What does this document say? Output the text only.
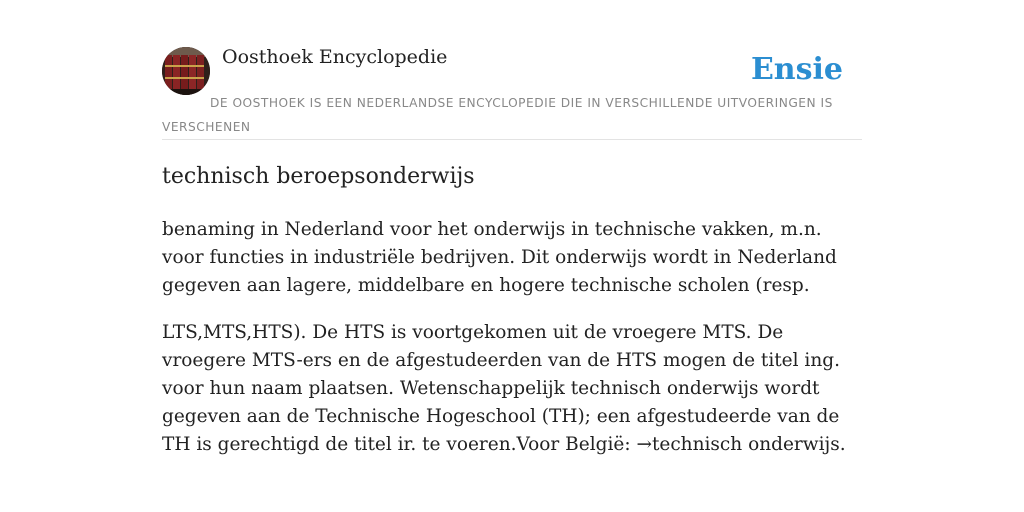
Oosthoek Encyclopedie	Ensie
DE OOSTHOEK IS EEN NEDERLANDSE ENCYCLOPEDIE DIE IN VERSCHILLENDE UITVOERINGEN IS VERSCHENEN
technisch beroepsonderwijs

benaming in Nederland voor het onderwijs in technische vakken, m.n. voor functies in industriële bedrijven. Dit onderwijs wordt in Nederland gegeven aan lagere, middelbare en hogere technische scholen (resp.

LTS,MTS,HTS). De HTS is voortgekomen uit de vroegere MTS. De vroegere MTS-ers en de afgestudeerden van de HTS mogen de titel ing. voor hun naam plaatsen. Wetenschappelijk technisch onderwijs wordt gegeven aan de Technische Hogeschool (TH); een afgestudeerde van de TH is gerechtigd de titel ir. te voeren.Voor België: →technisch onderwijs.
